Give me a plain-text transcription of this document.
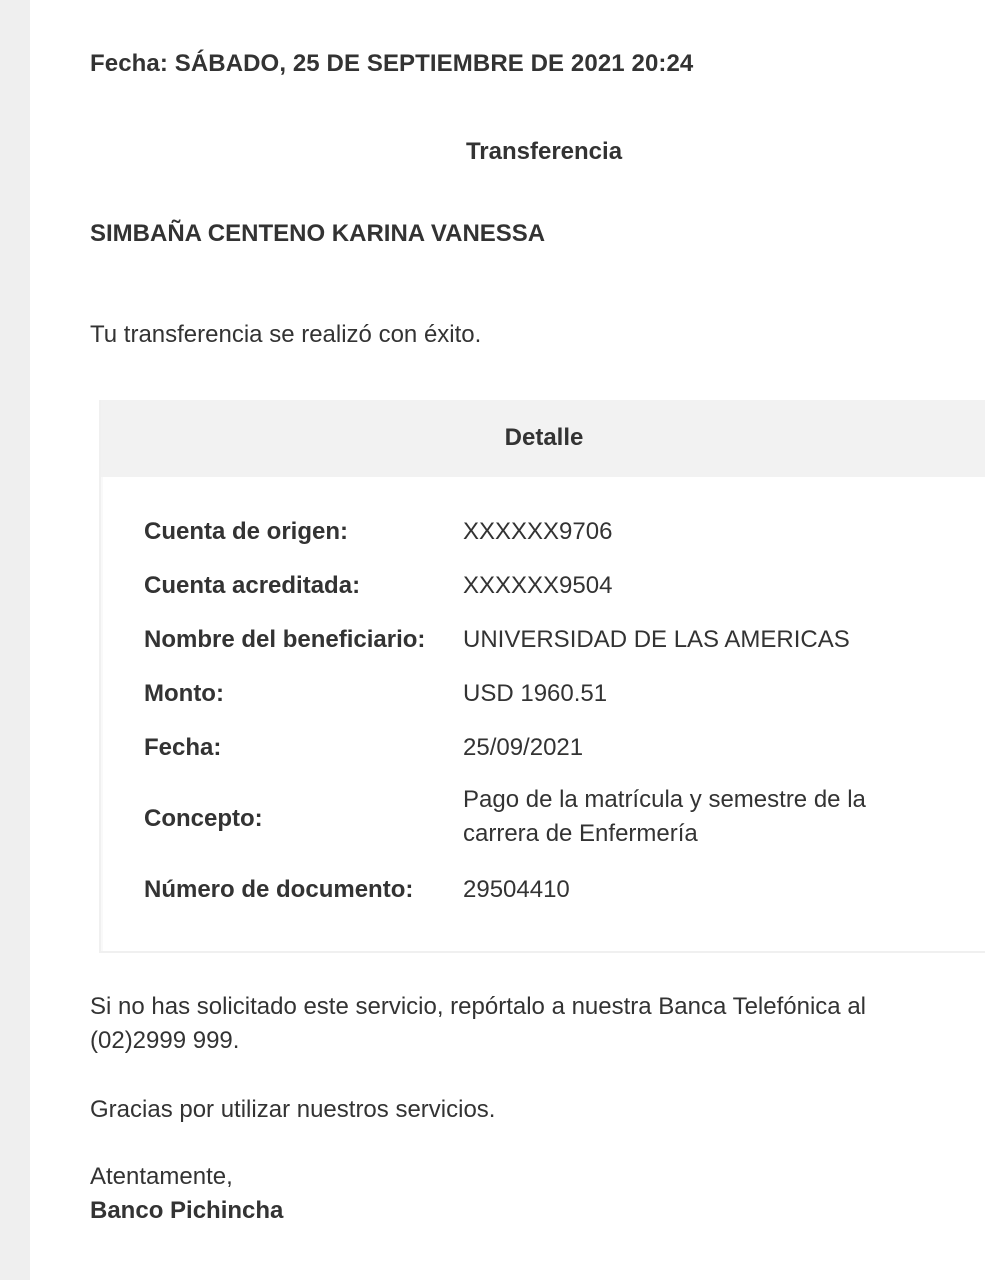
Fecha: SÁBADO, 25 DE SEPTIEMBRE DE 2021 20:24
Transferencia
SIMBAÑA CENTENO KARINA VANESSA
Tu transferencia se realizó con éxito.
Detalle
Cuenta de origen:	XXXXXX9706
Cuenta acreditada:	XXXXXX9504
Nombre del beneficiario: UNIVERSIDAD DE LAS AMERICAS
Monto:	USD 1960.51
Fecha:	25/09/2021
Concepto:
Pago de la matrícula y semestre de la carrera de Enfermería
Número de documento: 29504410
Si no has solicitado este servicio, repórtalo a nuestra Banca Telefónica al (02)2999 999.
Gracias por utilizar nuestros servicios.
Atentamente,
Banco Pichincha
